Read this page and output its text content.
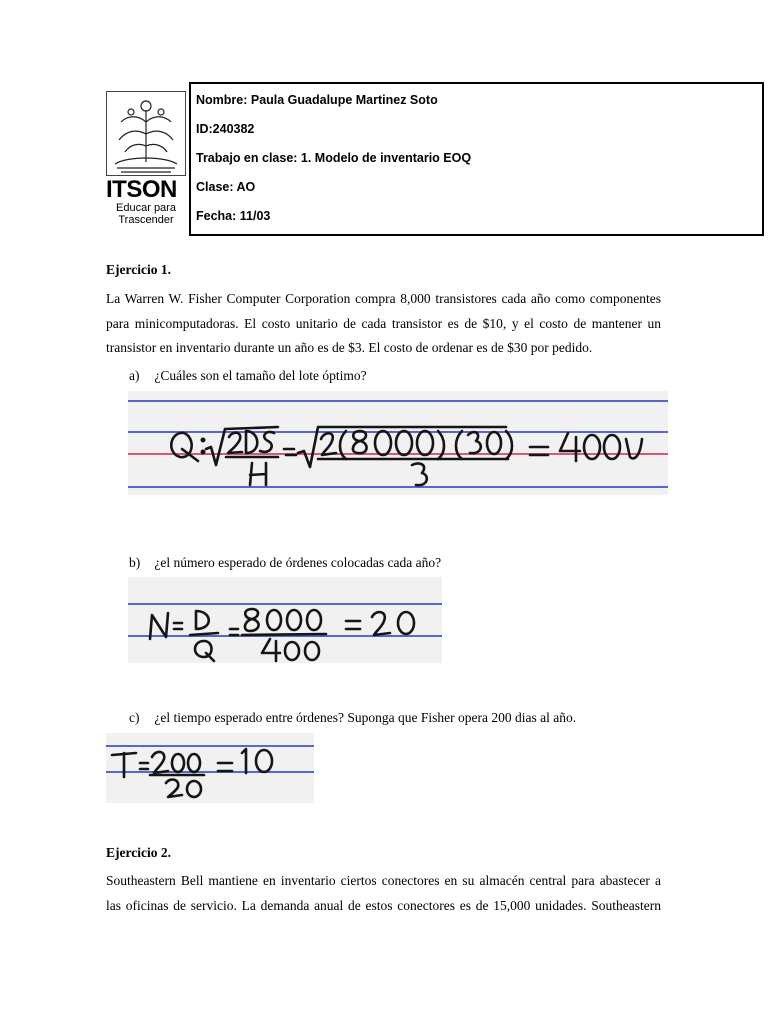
ITSON
Educar para
Trascender
Nombre: Paula Guadalupe Martinez Soto
ID:240382
Trabajo en clase: 1. Modelo de inventario EOQ
Clase: AO
Fecha: 11/03
Ejercicio 1.
La Warren W. Fisher Computer Corporation compra 8,000 transistores cada año como componentes para minicomputadoras. El costo unitario de cada transistor es de $10, y el costo de mantener un transistor en inventario durante un año es de $3. El costo de ordenar es de $30 por pedido.
a) ¿Cuáles son el tamaño del lote óptimo?
b) ¿el número esperado de órdenes colocadas cada año?
c) ¿el tiempo esperado entre órdenes? Suponga que Fisher opera 200 dias al año.
Ejercicio 2.
Southeastern Bell mantiene en inventario ciertos conectores en su almacén central para abastecer a
las oficinas de servicio. La demanda anual de estos conectores es de 15,000 unidades. Southeastern
